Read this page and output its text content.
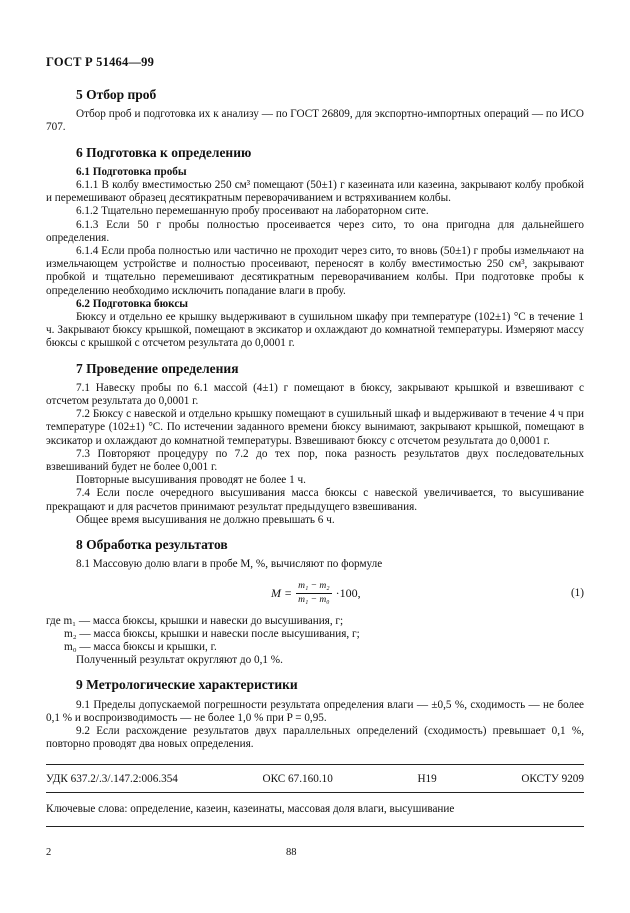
ГОСТ Р 51464—99
5 Отбор проб

Отбор проб и подготовка их к анализу — по ГОСТ 26809, для экспортно-импортных операций — по ИСО 707.

6 Подготовка к определению
6.1 Подготовка пробы

6.1.1 В колбу вместимостью 250 см³ помещают (50±1) г казеината или казеина, закрывают колбу пробкой и перемешивают образец десятикратным переворачиванием и встряхиванием колбы.

6.1.2 Тщательно перемешанную пробу просеивают на лабораторном сите.

6.1.3 Если 50 г пробы полностью просеивается через сито, то она пригодна для дальнейшего определения.

6.1.4 Если проба полностью или частично не проходит через сито, то вновь (50±1) г пробы измельчают на измельчающем устройстве и полностью просеивают, переносят в колбу вместимостью 250 см³, закрывают пробкой и тщательно перемешивают десятикратным переворачиванием колбы. При подготовке пробы к определению необходимо исключить попадание влаги в пробу.

6.2 Подготовка бюксы

Бюксу и отдельно ее крышку выдерживают в сушильном шкафу при температуре (102±1) °С в течение 1 ч. Закрывают бюксу крышкой, помещают в эксикатор и охлаждают до комнатной температуры. Измеряют массу бюксы с крышкой с отсчетом результата до 0,0001 г.

7 Проведение определения

7.1 Навеску пробы по 6.1 массой (4±1) г помещают в бюксу, закрывают крышкой и взвешивают с отсчетом результата до 0,0001 г.

7.2 Бюксу с навеской и отдельно крышку помещают в сушильный шкаф и выдерживают в течение 4 ч при температуре (102±1) °С. По истечении заданного времени бюксу вынимают, закрывают крышкой, помещают в эксикатор и охлаждают до комнатной температуры. Взвешивают бюксу с отсчетом результата до 0,0001 г.

7.3 Повторяют процедуру по 7.2 до тех пор, пока разность результатов двух последовательных взвешиваний будет не более 0,001 г.

Повторные высушивания проводят не более 1 ч.

7.4 Если после очередного высушивания масса бюксы с навеской увеличивается, то высушивание прекращают и для расчетов принимают результат предыдущего взвешивания.

Общее время высушивания не должно превышать 6 ч.

8 Обработка результатов

8.1 Массовую долю влаги в пробе М, %, вычисляют по формуле

$M = \frac{\text{m₁ − m₂}}{\text{m₁ − m₀}} \cdot 100$,	(1)

где m₁ — масса бюксы, крышки и навески до высушивания, г;

m₂ — масса бюксы, крышки и навески после высушивания, г;

m₀ — масса бюксы и крышки, г.

Полученный результат округляют до 0,1 %.

9 Метрологические характеристики

9.1 Пределы допускаемой погрешности результата определения влаги — ±0,5 %, сходимость — не более 0,1 % и воспроизводимость — не более 1,0 % при P = 0,95.

9.2 Если расхождение результатов двух параллельных определений (сходимость) превышает 0,1 %, повторно проводят два новых определения.

УДК 637.2/.3/.147.2:006.354	ОКС 67.160.10	Н19	ОКСТУ 9209
Ключевые слова: определение, казеин, казеинаты, массовая доля влаги, высушивание
2	88
